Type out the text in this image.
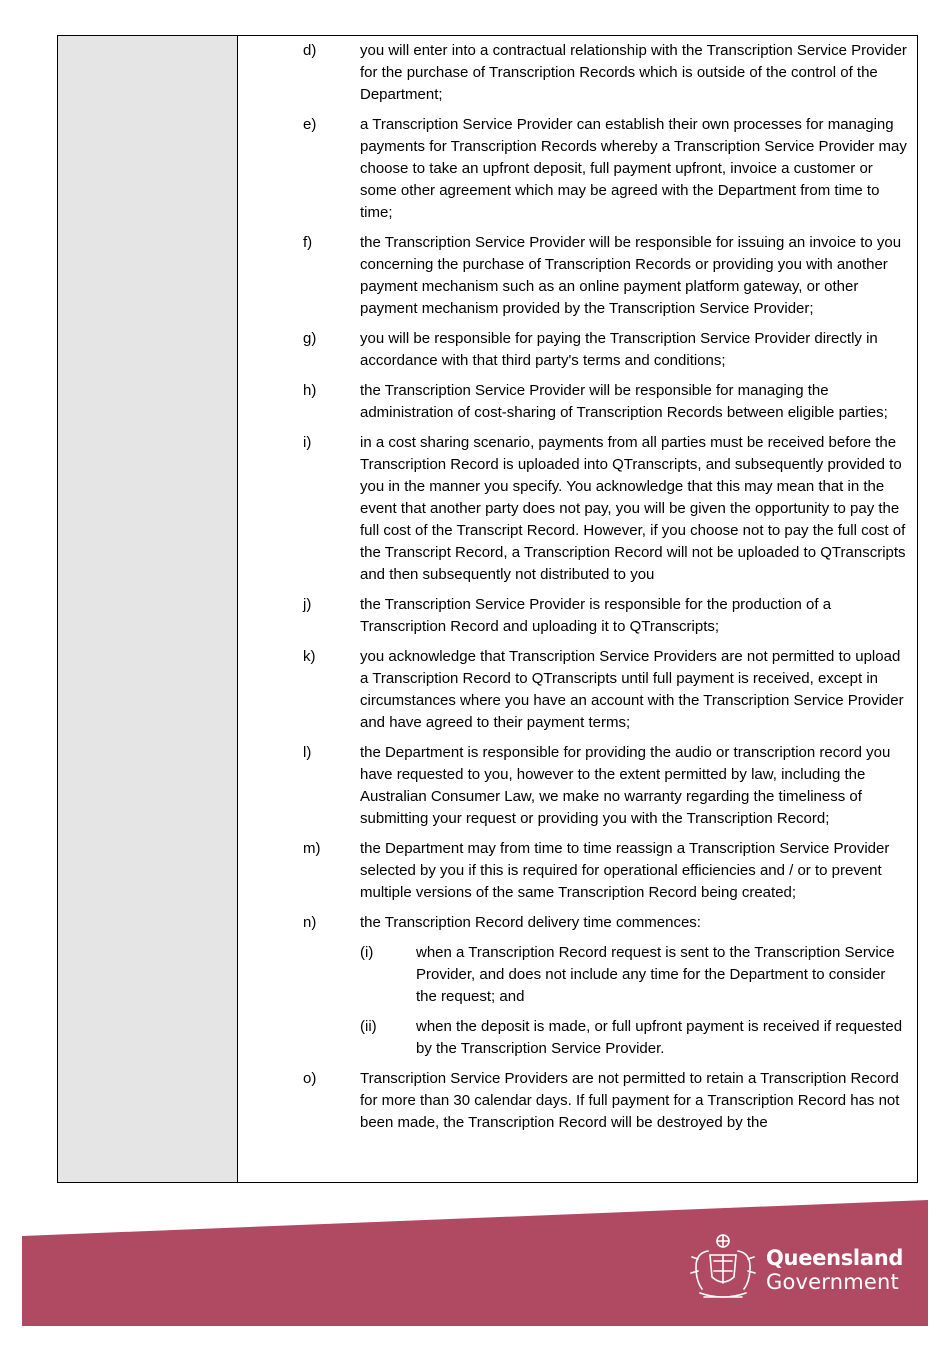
d)	you will enter into a contractual relationship with the Transcription Service Provider for the purchase of Transcription Records which is outside of the control of the Department;
e)	a Transcription Service Provider can establish their own processes for managing payments for Transcription Records whereby a Transcription Service Provider may choose to take an upfront deposit, full payment upfront, invoice a customer or some other agreement which may be agreed with the Department from time to time;
f)	the Transcription Service Provider will be responsible for issuing an invoice to you concerning the purchase of Transcription Records or providing you with another payment mechanism such as an online payment platform gateway, or other payment mechanism provided by the Transcription Service Provider;
g)	you will be responsible for paying the Transcription Service Provider directly in accordance with that third party's terms and conditions;
h)	the Transcription Service Provider will be responsible for managing the administration of cost-sharing of Transcription Records between eligible parties;
i)	in a cost sharing scenario, payments from all parties must be received before the Transcription Record is uploaded into QTranscripts, and subsequently provided to you in the manner you specify. You acknowledge that this may mean that in the event that another party does not pay, you will be given the opportunity to pay the full cost of the Transcript Record. However, if you choose not to pay the full cost of the Transcript Record, a Transcription Record will not be uploaded to QTranscripts and then subsequently not distributed to you
j)	the Transcription Service Provider is responsible for the production of a Transcription Record and uploading it to QTranscripts;
k)	you acknowledge that Transcription Service Providers are not permitted to upload a Transcription Record to QTranscripts until full payment is received, except in circumstances where you have an account with the Transcription Service Provider and have agreed to their payment terms;
l)	the Department is responsible for providing the audio or transcription record you have requested to you, however to the extent permitted by law, including the Australian Consumer Law, we make no warranty regarding the timeliness of submitting your request or providing you with the Transcription Record;
m)	the Department may from time to time reassign a Transcription Service Provider selected by you if this is required for operational efficiencies and / or to prevent multiple versions of the same Transcription Record being created;
n)	the Transcription Record delivery time commences:
(i)	when a Transcription Record request is sent to the Transcription Service Provider, and does not include any time for the Department to consider the request; and
(ii)	when the deposit is made, or full upfront payment is received if requested by the Transcription Service Provider.
o)	Transcription Service Providers are not permitted to retain a Transcription Record for more than 30 calendar days. If full payment for a Transcription Record has not been made, the Transcription Record will be destroyed by the
Queensland
Government
